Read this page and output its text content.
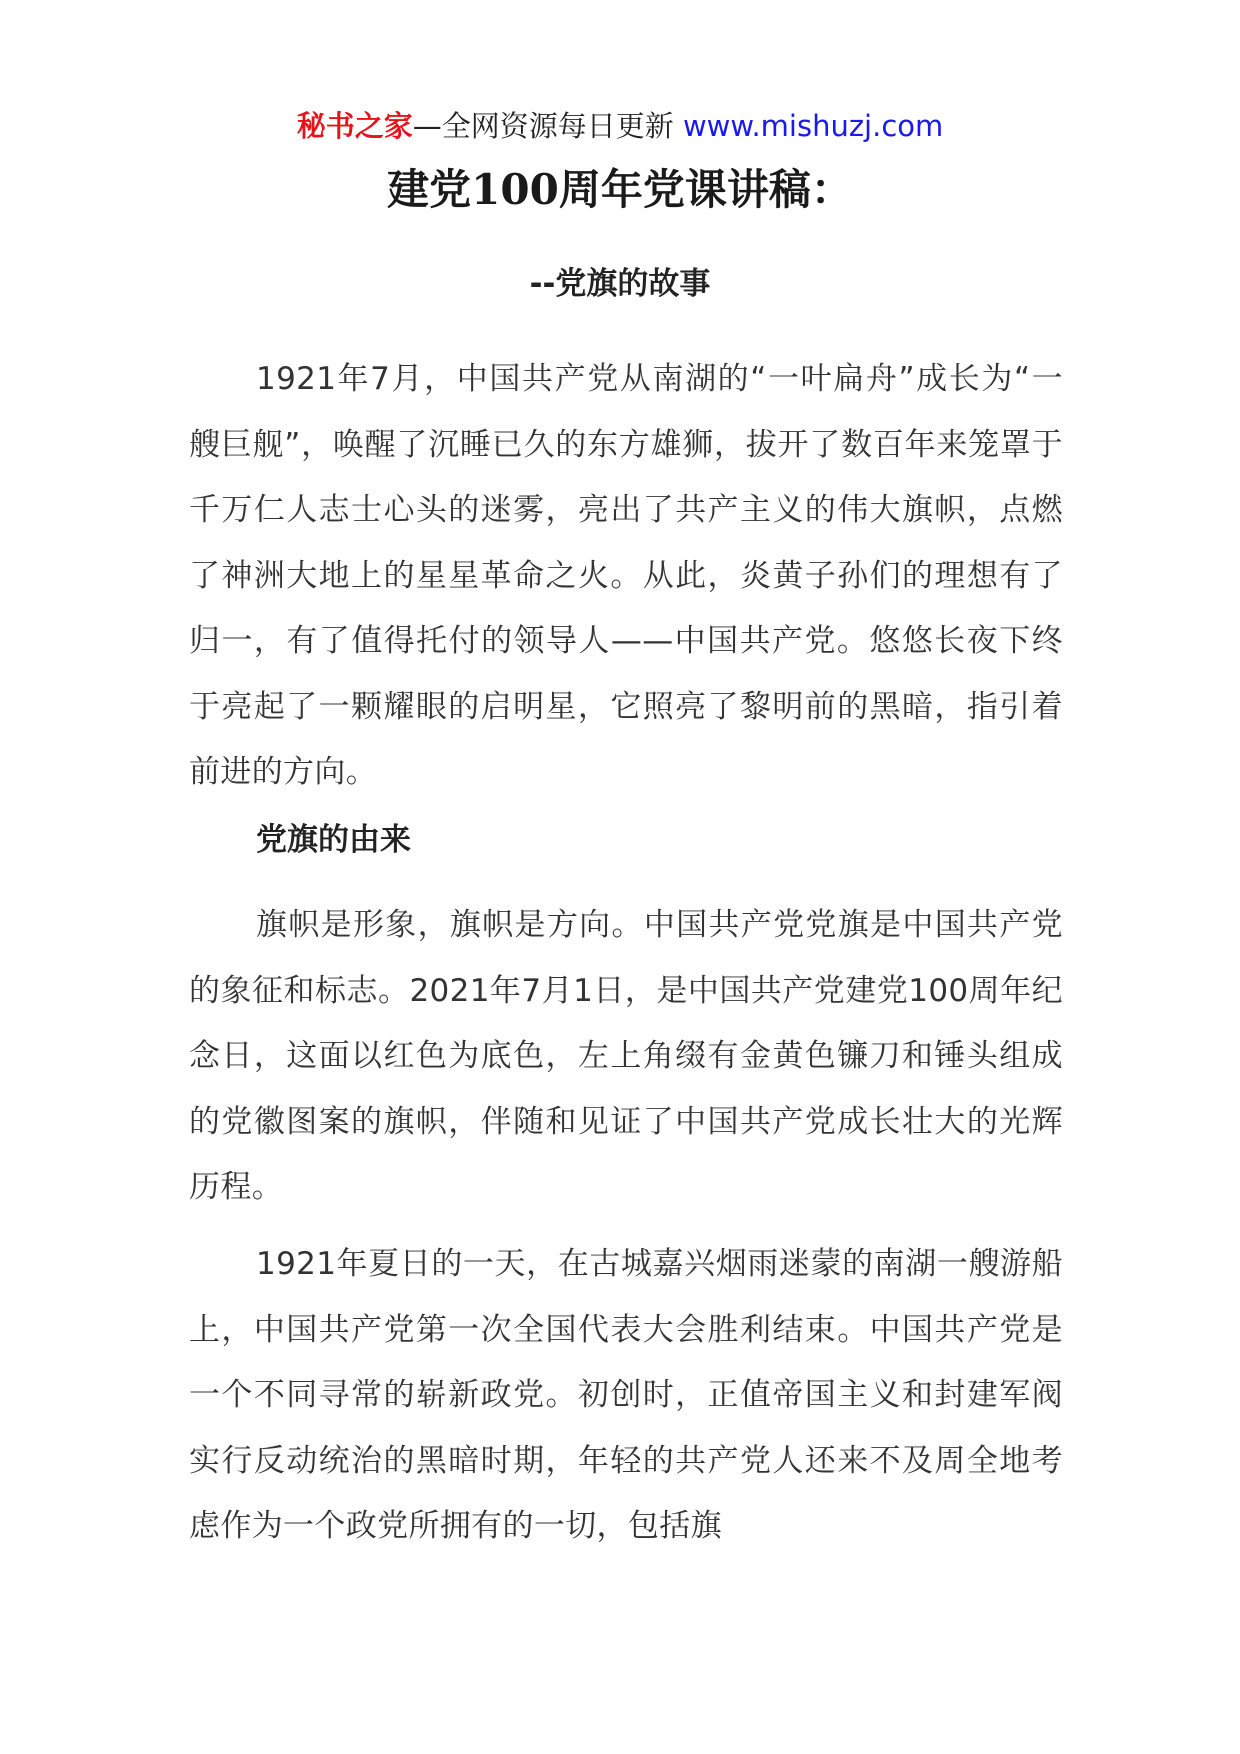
秘书之家—全网资源每日更新 www.mishuzj.com
建党100周年党课讲稿：
--党旗的故事

1921年7月，中国共产党从南湖的“一叶扁舟”成长为“一艘巨舰”，唤醒了沉睡已久的东方雄狮，拔开了数百年来笼罩于千万仁人志士心头的迷雾，亮出了共产主义的伟大旗帜，点燃了神洲大地上的星星革命之火。从此，炎黄子孙们的理想有了归一，有了值得托付的领导人——中国共产党。悠悠长夜下终于亮起了一颗耀眼的启明星，它照亮了黎明前的黑暗，指引着前进的方向。

党旗的由来

旗帜是形象，旗帜是方向。中国共产党党旗是中国共产党的象征和标志。2021年7月1日，是中国共产党建党100周年纪念日，这面以红色为底色，左上角缀有金黄色镰刀和锤头组成的党徽图案的旗帜，伴随和见证了中国共产党成长壮大的光辉历程。

1921年夏日的一天，在古城嘉兴烟雨迷蒙的南湖一艘游船上，中国共产党第一次全国代表大会胜利结束。中国共产党是一个不同寻常的崭新政党。初创时，正值帝国主义和封建军阀实行反动统治的黑暗时期，年轻的共产党人还来不及周全地考虑作为一个政党所拥有的一切，包括旗
